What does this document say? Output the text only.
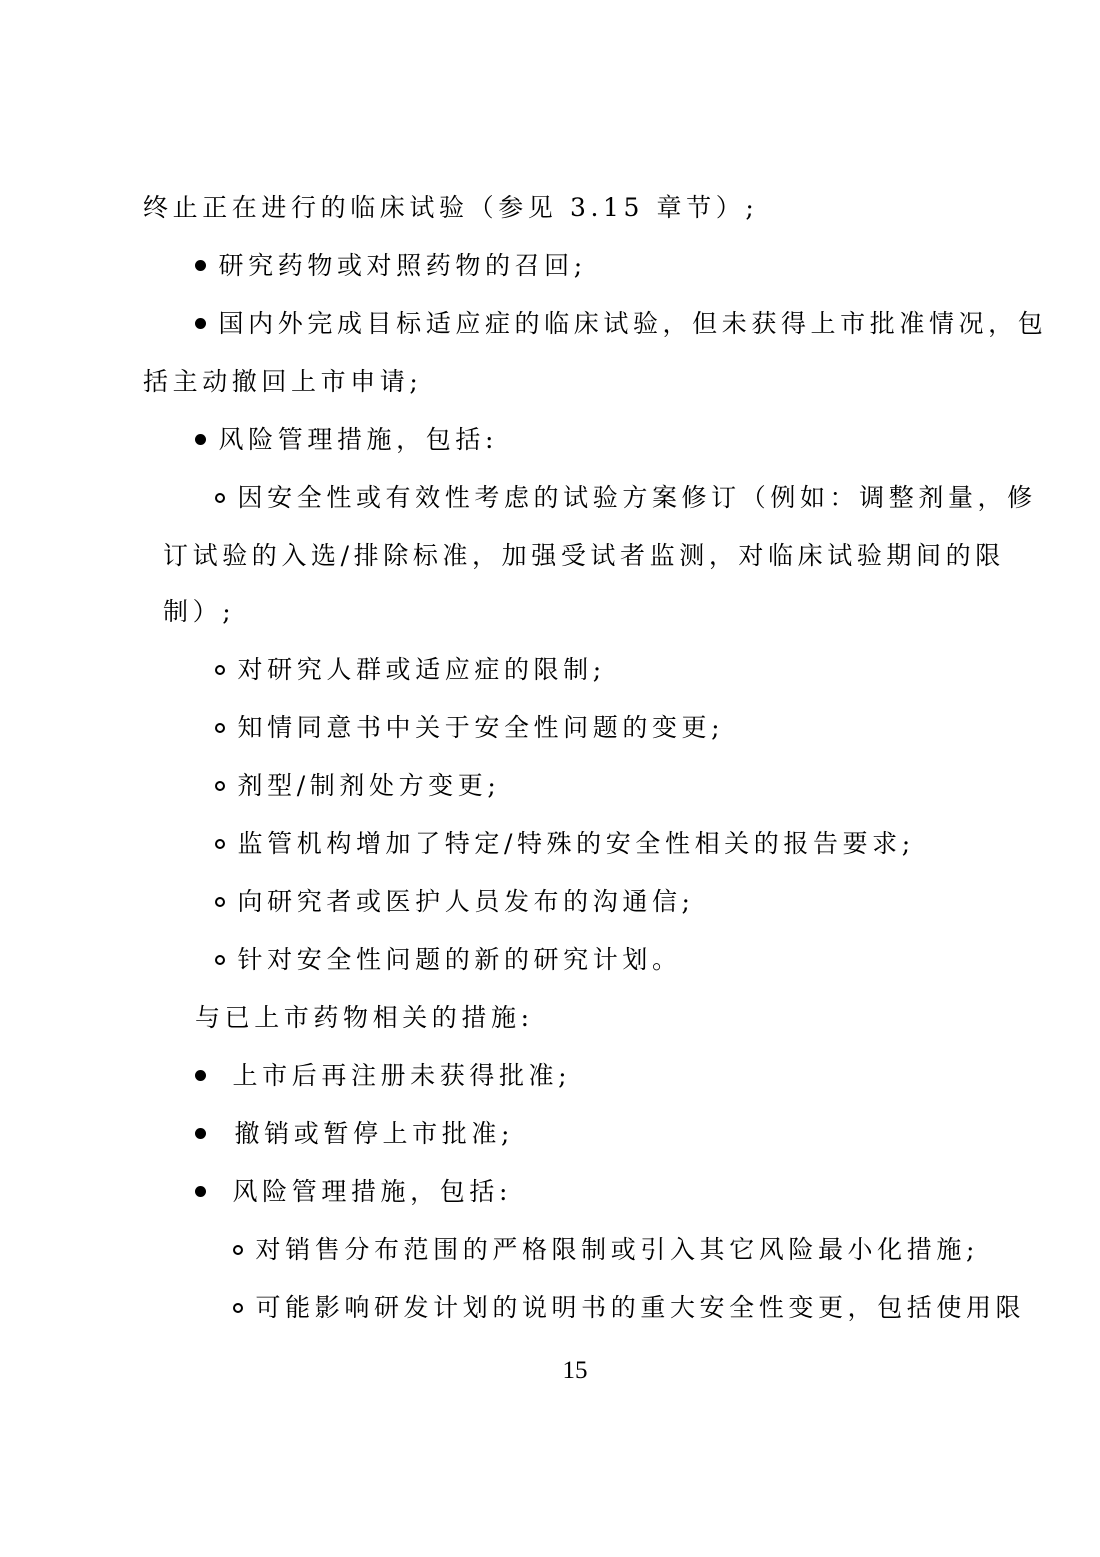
终止正在进行的临床试验（参见 3.15 章节）;
研究药物或对照药物的召回;
国内外完成目标适应症的临床试验，但未获得上市批准情况，包
括主动撤回上市申请;
风险管理措施，包括:
因安全性或有效性考虑的试验方案修订（例如：调整剂量，修
订试验的入选/排除标准，加强受试者监测，对临床试验期间的限
制）;
对研究人群或适应症的限制;
知情同意书中关于安全性问题的变更;
剂型/制剂处方变更;
监管机构增加了特定/特殊的安全性相关的报告要求;
向研究者或医护人员发布的沟通信;
针对安全性问题的新的研究计划。
与已上市药物相关的措施:
上市后再注册未获得批准;
撤销或暂停上市批准;
风险管理措施，包括:
对销售分布范围的严格限制或引入其它风险最小化措施;
可能影响研发计划的说明书的重大安全性变更，包括使用限
15
